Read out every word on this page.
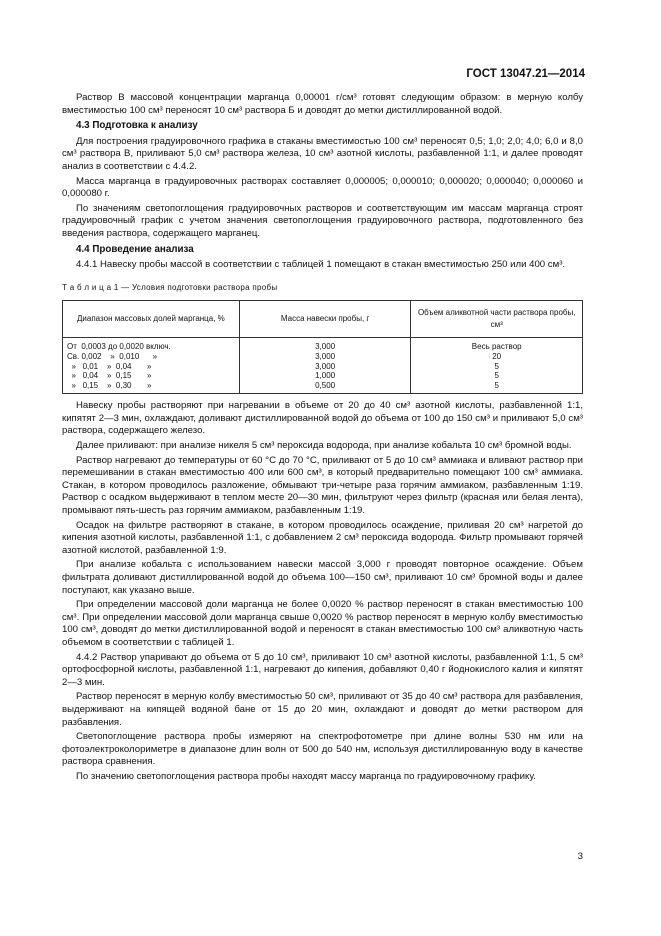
ГОСТ 13047.21—2014

Раствор В массовой концентрации марганца 0,00001 г/см³ готовят следующим образом: в мерную колбу вместимостью 100 см³ переносят 10 см³ раствора Б и доводят до метки дистиллированной водой.

4.3 Подготовка к анализу

Для построения градуировочного графика в стаканы вместимостью 100 см³ переносят 0,5; 1,0; 2,0; 4,0; 6,0 и 8,0 см³ раствора В, приливают 5,0 см³ раствора железа, 10 см³ азотной кислоты, разбавленной 1:1, и далее проводят анализ в соответствии с 4.4.2.

Масса марганца в градуировочных растворах составляет 0,000005; 0,000010; 0,000020; 0,000040; 0,000060 и 0,000080 г.

По значениям светопоглощения градуировочных растворов и соответствующим им массам марганца строят градуировочный график с учетом значения светопоглощения градуировочного раствора, подготовленного без введения раствора, содержащего марганец.

4.4 Проведение анализа

4.4.1 Навеску пробы массой в соответствии с таблицей 1 помещают в стакан вместимостью 250 или 400 см³.

Т а б л и ц а 1 — Условия подготовки раствора пробы
Диапазон массовых долей марганца, %	Масса навески пробы, г	Объем аликвотной части раствора пробы, см³
От  0,0003 до 0,0020 включ.	3,000	Весь раствор
Св. 0,002    »  0,010      »	3,000	20
»   0,01    »  0,04       »	3,000	5
»   0,04    »  0,15       »	1,000	5
»   0,15    »  0,30       »	0,500	5

Навеску пробы растворяют при нагревании в объеме от 20 до 40 см³ азотной кислоты, разбавленной 1:1, кипятят 2—3 мин, охлаждают, доливают дистиллированной водой до объема от 100 до 150 см³ и приливают 5,0 см³ раствора, содержащего железо.

Далее приливают: при анализе никеля 5 см³ пероксида водорода, при анализе кобальта 10 см³ бромной воды.

Раствор нагревают до температуры от 60 °С до 70 °С, приливают от 5 до 10 см³ аммиака и вливают раствор при перемешивании в стакан вместимостью 400 или 600 см³, в который предварительно помещают 100 см³ аммиака. Стакан, в котором проводилось разложение, обмывают три-четыре раза горячим аммиаком, разбавленным 1:19. Раствор с осадком выдерживают в теплом месте 20—30 мин, фильтруют через фильтр (красная или белая лента), промывают пять-шесть раз горячим аммиаком, разбавленным 1:19.

Осадок на фильтре растворяют в стакане, в котором проводилось осаждение, приливая 20 см³ нагретой до кипения азотной кислоты, разбавленной 1:1, с добавлением 2 см³ пероксида водорода. Фильтр промывают горячей азотной кислотой, разбавленной 1:9.

При анализе кобальта с использованием навески массой 3,000 г проводят повторное осаждение. Объем фильтрата доливают дистиллированной водой до объема 100—150 см³, приливают 10 см³ бромной воды и далее поступают, как указано выше.

При определении массовой доли марганца не более 0,0020 % раствор переносят в стакан вместимостью 100 см³. При определении массовой доли марганца свыше 0,0020 % раствор переносят в мерную колбу вместимостью 100 см³, доводят до метки дистиллированной водой и переносят в стакан вместимостью 100 см³ аликвотную часть объемом в соответствии с таблицей 1.

4.4.2 Раствор упаривают до объема от 5 до 10 см³, приливают 10 см³ азотной кислоты, разбавленной 1:1, 5 см³ ортофосфорной кислоты, разбавленной 1:1, нагревают до кипения, добавляют 0,40 г йоднокислого калия и кипятят 2—3 мин.

Раствор переносят в мерную колбу вместимостью 50 см³, приливают от 35 до 40 см³ раствора для разбавления, выдерживают на кипящей водяной бане от 15 до 20 мин, охлаждают и доводят до метки раствором для разбавления.

Светопоглощение раствора пробы измеряют на спектрофотометре при длине волны 530 нм или на фотоэлектроколориметре в диапазоне длин волн от 500 до 540 нм, используя дистиллированную воду в качестве раствора сравнения.

По значению светопоглощения раствора пробы находят массу марганца по градуировочному графику.

3
